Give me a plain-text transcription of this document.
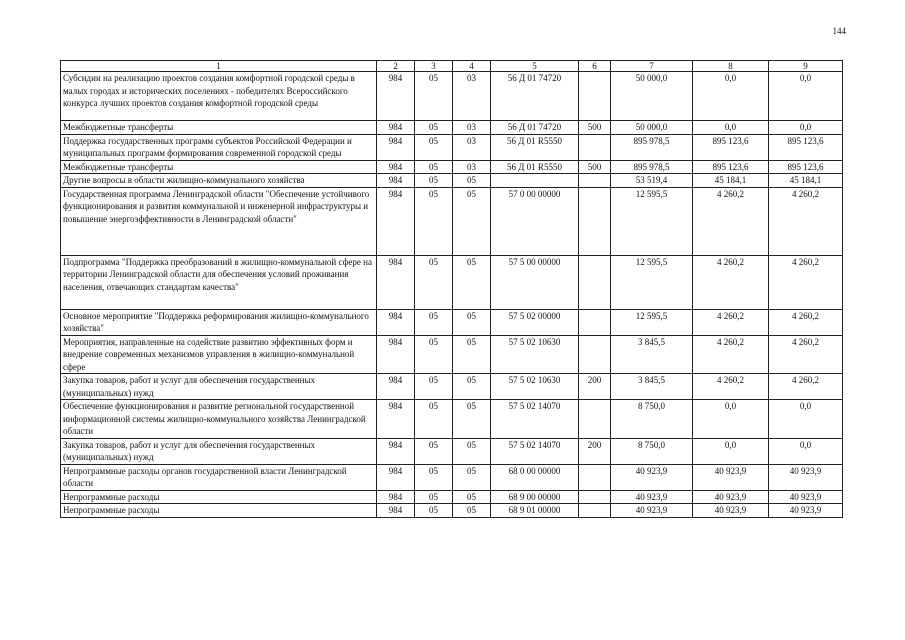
144
1	2	3	4	5	6	7	8	9
Субсидии на реализацию проектов создания комфортной городской среды в малых городах и исторических поселениях - победителях Всероссийского конкурса лучших проектов создания комфортной городской среды	984	05	03	56 Д 01 74720		50 000,0	0,0	0,0
Межбюджетные трансферты	984	05	03	56 Д 01 74720	500	50 000,0	0,0	0,0
Поддержка государственных программ субъектов Российской Федерации и муниципальных программ формирования современной городской среды	984	05	03	56 Д 01 R5550		895 978,5	895 123,6	895 123,6
Межбюджетные трансферты	984	05	03	56 Д 01 R5550	500	895 978,5	895 123,6	895 123,6
Другие вопросы в области жилищно-коммунального хозяйства	984	05	05			53 519,4	45 184,1	45 184,1
Государственная программа Ленинградской области "Обеспечение устойчивого функционирования и развития коммунальной и инженерной инфраструктуры и повышение энергоэффективности в Ленинградской области"	984	05	05	57 0 00 00000		12 595,5	4 260,2	4 260,2
Подпрограмма "Поддержка преобразований в жилищно-коммунальной сфере на территории Ленинградской области для обеспечения условий проживания населения, отвечающих стандартам качества"	984	05	05	57 5 00 00000		12 595,5	4 260,2	4 260,2
Основное мероприятие "Поддержка реформирования жилищно-коммунального хозяйства"	984	05	05	57 5 02 00000		12 595,5	4 260,2	4 260,2
Мероприятия, направленные на содействие развитию эффективных форм и внедрение современных механизмов управления в жилищно-коммунальной сфере	984	05	05	57 5 02 10630		3 845,5	4 260,2	4 260,2
Закупка товаров, работ и услуг для обеспечения государственных (муниципальных) нужд	984	05	05	57 5 02 10630	200	3 845,5	4 260,2	4 260,2
Обеспечение функционирования и развитие региональной государственной информационной системы жилищно-коммунального хозяйства Ленинградской области	984	05	05	57 5 02 14070		8 750,0	0,0	0,0
Закупка товаров, работ и услуг для обеспечения государственных (муниципальных) нужд	984	05	05	57 5 02 14070	200	8 750,0	0,0	0,0
Непрограммные расходы органов государственной власти Ленинградской области	984	05	05	68 0 00 00000		40 923,9	40 923,9	40 923,9
Непрограммные расходы	984	05	05	68 9 00 00000		40 923,9	40 923,9	40 923,9
Непрограммные расходы	984	05	05	68 9 01 00000		40 923,9	40 923,9	40 923,9
